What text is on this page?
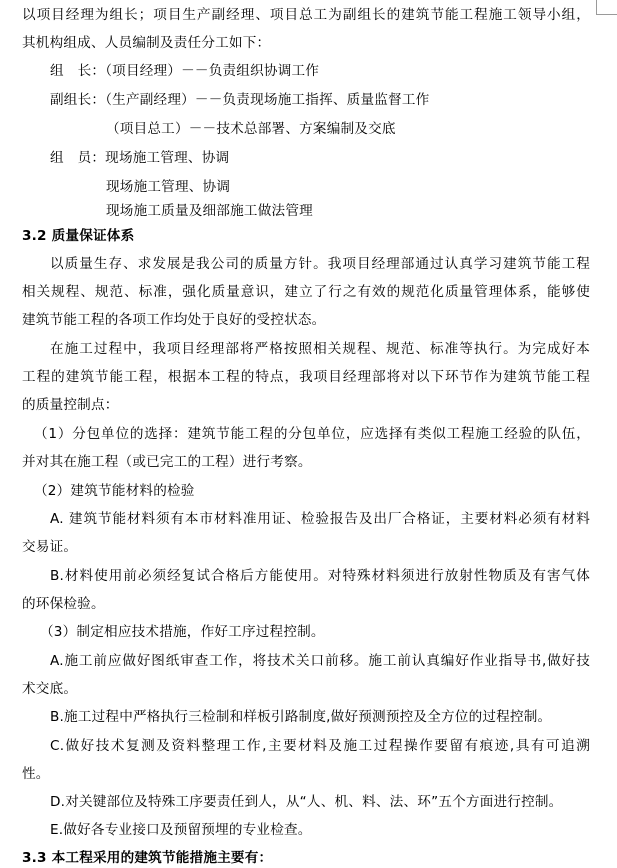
以项目经理为组长；项目生产副经理、项目总工为副组长的建筑节能工程施工领导小组，
其机构组成、人员编制及责任分工如下：
组　长：（项目经理）－－负责组织协调工作
副组长：（生产副经理）－－负责现场施工指挥、质量监督工作
（项目总工）－－技术总部署、方案编制及交底
组　员：现场施工管理、协调
现场施工管理、协调
现场施工质量及细部施工做法管理
3.2 质量保证体系
以质量生存、求发展是我公司的质量方针。我项目经理部通过认真学习建筑节能工程
相关规程、规范、标准，强化质量意识，建立了行之有效的规范化质量管理体系，能够使
建筑节能工程的各项工作均处于良好的受控状态。
在施工过程中，我项目经理部将严格按照相关规程、规范、标准等执行。为完成好本
工程的建筑节能工程，根据本工程的特点，我项目经理部将对以下环节作为建筑节能工程
的质量控制点：
（1）分包单位的选择：建筑节能工程的分包单位，应选择有类似工程施工经验的队伍，
并对其在施工程（或已完工的工程）进行考察。
（2）建筑节能材料的检验
A. 建筑节能材料须有本市材料准用证、检验报告及出厂合格证，主要材料必须有材料
交易证。
B.材料使用前必须经复试合格后方能使用。对特殊材料须进行放射性物质及有害气体
的环保检验。
（3）制定相应技术措施，作好工序过程控制。
A.施工前应做好图纸审查工作，将技术关口前移。施工前认真编好作业指导书,做好技
术交底。
B.施工过程中严格执行三检制和样板引路制度,做好预测预控及全方位的过程控制。
C.做好技术复测及资料整理工作,主要材料及施工过程操作要留有痕迹,具有可追溯
性。
D.对关键部位及特殊工序要责任到人，从“人、机、料、法、环”五个方面进行控制。
E.做好各专业接口及预留预埋的专业检查。
3.3 本工程采用的建筑节能措施主要有：
